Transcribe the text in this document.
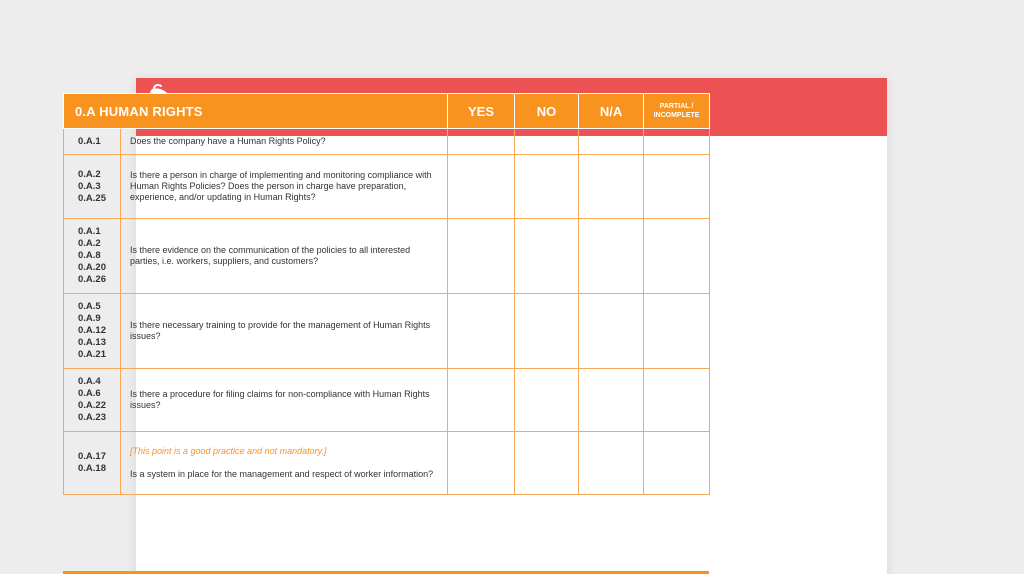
0.A HUMAN RIGHTS		YES	NO	N/A	PARTIAL / INCOMPLETE

0.A.1	Does the company have a Human Rights Policy?				

0.A.2
0.A.3
0.A.25	Is there a person in charge of implementing and monitoring compliance with Human Rights Policies? Does the person in charge have preparation, experience, and/or updating in Human Rights?				

0.A.1
0.A.2
0.A.8
0.A.20
0.A.26	Is there evidence on the communication of the policies to all interested parties, i.e. workers, suppliers, and customers?				

0.A.5
0.A.9
0.A.12
0.A.13
0.A.21	Is there necessary training to provide for the management of Human Rights issues?				

0.A.4
0.A.6
0.A.22
0.A.23	Is there a procedure for filing claims for non-compliance with Human Rights issues?				

0.A.17
0.A.18	[This point is a good practice and not mandatory.]
Is a system in place for the management and respect of worker information?				
